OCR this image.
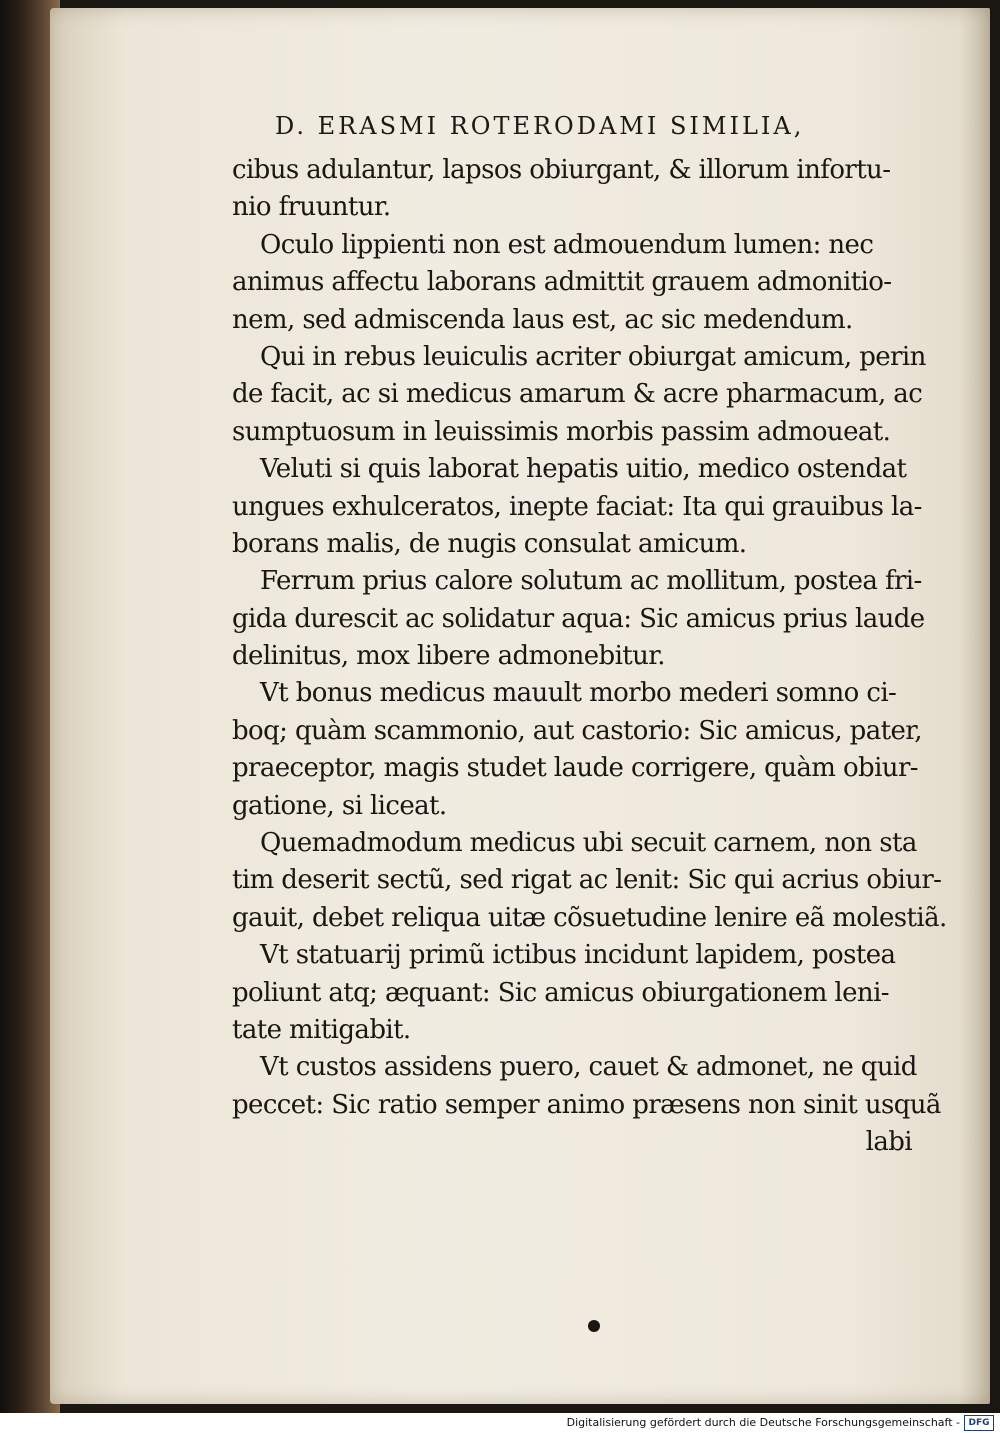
D. ERASMI ROTERODAMI SIMILIA,
cibus adulantur, lapsos obiurgant, & illorum infortu-
nio fruuntur.
Oculo lippienti non est admouendum lumen: nec
animus affectu laborans admittit grauem admonitio-
nem, sed admiscenda laus est, ac sic medendum.
Qui in rebus leuiculis acriter obiurgat amicum, perin
de facit, ac si medicus amarum & acre pharmacum, ac
sumptuosum in leuissimis morbis passim admoueat.
Veluti si quis laborat hepatis uitio, medico ostendat
ungues exhulceratos, inepte faciat: Ita qui grauibus la-
borans malis, de nugis consulat amicum.
Ferrum prius calore solutum ac mollitum, postea fri-
gida durescit ac solidatur aqua: Sic amicus prius laude
delinitus, mox libere admonebitur.
Vt bonus medicus mauult morbo mederi somno ci-
boq; quàm scammonio, aut castorio: Sic amicus, pater,
praeceptor, magis studet laude corrigere, quàm obiur-
gatione, si liceat.
Quemadmodum medicus ubi secuit carnem, non sta
tim deserit sectũ, sed rigat ac lenit: Sic qui acrius obiur-
gauit, debet reliqua uitæ cõsuetudine lenire eã molestiã.
Vt statuarij primũ ictibus incidunt lapidem, postea
poliunt atq; æquant: Sic amicus obiurgationem leni-
tate mitigabit.
Vt custos assidens puero, cauet & admonet, ne quid
peccet: Sic ratio semper animo præsens non sinit usquã
labi
Digitalisierung gefördert durch die Deutsche Forschungsgemeinschaft - DFG
